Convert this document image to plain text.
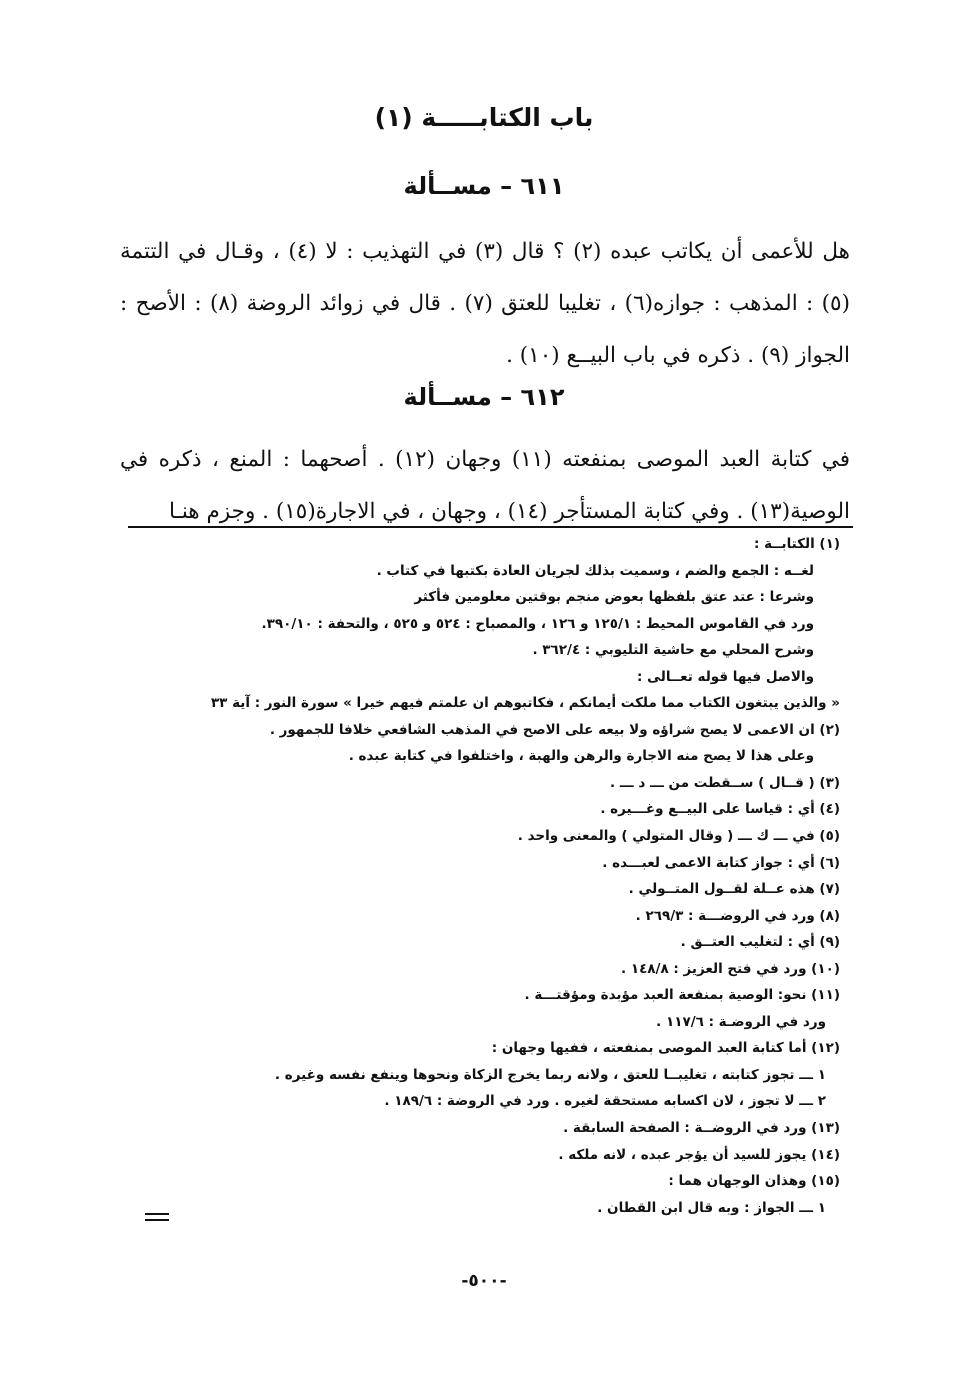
باب الكتابـــــة (١)
٦١١ – مســألة

هل للأعمى أن يكاتب عبده (٢) ؟ قال (٣) في التهذيب : لا (٤) ، وقـال في التتمة (٥) : المذهب : جوازه(٦) ، تغليبا للعتق (٧) . قال في زوائد الروضة (٨) : الأصح : الجواز (٩) . ذكره في باب البيــع (١٠) .

٦١٢ – مســألة

في كتابة العبد الموصى بمنفعته (١١) وجهان (١٢) . أصحهما : المنع ، ذكره في الوصية(١٣) . وفي كتابة المستأجر (١٤) ، وجهان ، في الاجارة(١٥) . وجزم هنـا

(١) الكتابــة :
لغــه : الجمع والضم ، وسميت بذلك لجريان العادة بكتبها في كتاب .
وشرعا : عتد عتق بلفظها بعوض منجم بوقتين معلومين فأكثر
ورد في القاموس المحيط : ١٢٥/١ و ١٢٦ ، والمصباح : ٥٢٤ و ٥٢٥ ، والتحفة : ٣٩٠/١٠.
وشرح المحلي مع حاشية التليوبي : ٣٦٢/٤ .
والاصل فيها قوله تعــالى :
« والذين يبتغون الكتاب مما ملكت أيمانكم ، فكاتبوهم ان علمتم فيهم خيرا » سورة النور : آية ٣٣
(٢) ان الاعمى لا يصح شراؤه ولا بيعه على الاصح في المذهب الشافعي خلافا للجمهور .
وعلى هذا لا يصح منه الاجارة والرهن والهبة ، واختلفوا في كتابة عبده .
(٣) ( قــال ) ســقطت من ـــ د ـــ .
(٤) أي : قياسا على البيــع وغـــيره .
(٥) في ـــ ك ـــ ( وقال المتولي ) والمعنى واحد .
(٦) أي : جواز كتابة الاعمى لعبـــده .
(٧) هذه عــلة لقــول المتــولي .
(٨) ورد في الروضـــة : ٢٦٩/٣ .
(٩) أي : لتغليب العتــق .
(١٠) ورد في فتح العزيز : ١٤٨/٨ .
(١١) نحو: الوصية بمنفعة العبد مؤبدة ومؤقتـــة .
ورد في الروضـة : ١١٧/٦ .
(١٢) أما كتابة العبد الموصى بمنفعته ، ففيها وجهان :
١ ـــ تجوز كتابته ، تغليبــا للعتق ، ولانه ربما يخرج الزكاة ونحوها وينفع نفسه وغيره .
٢ ـــ لا تجوز ، لان اكسابه مستحقة لغيره . ورد في الروضة : ١٨٩/٦ .
(١٣) ورد في الروضــة : الصفحة السابقة .
(١٤) يجوز للسيد أن يؤجر عبده ، لانه ملكه .
(١٥) وهذان الوجهان هما :
١ ـــ الجواز : وبه قال ابن القطان .

-٥٠٠-
